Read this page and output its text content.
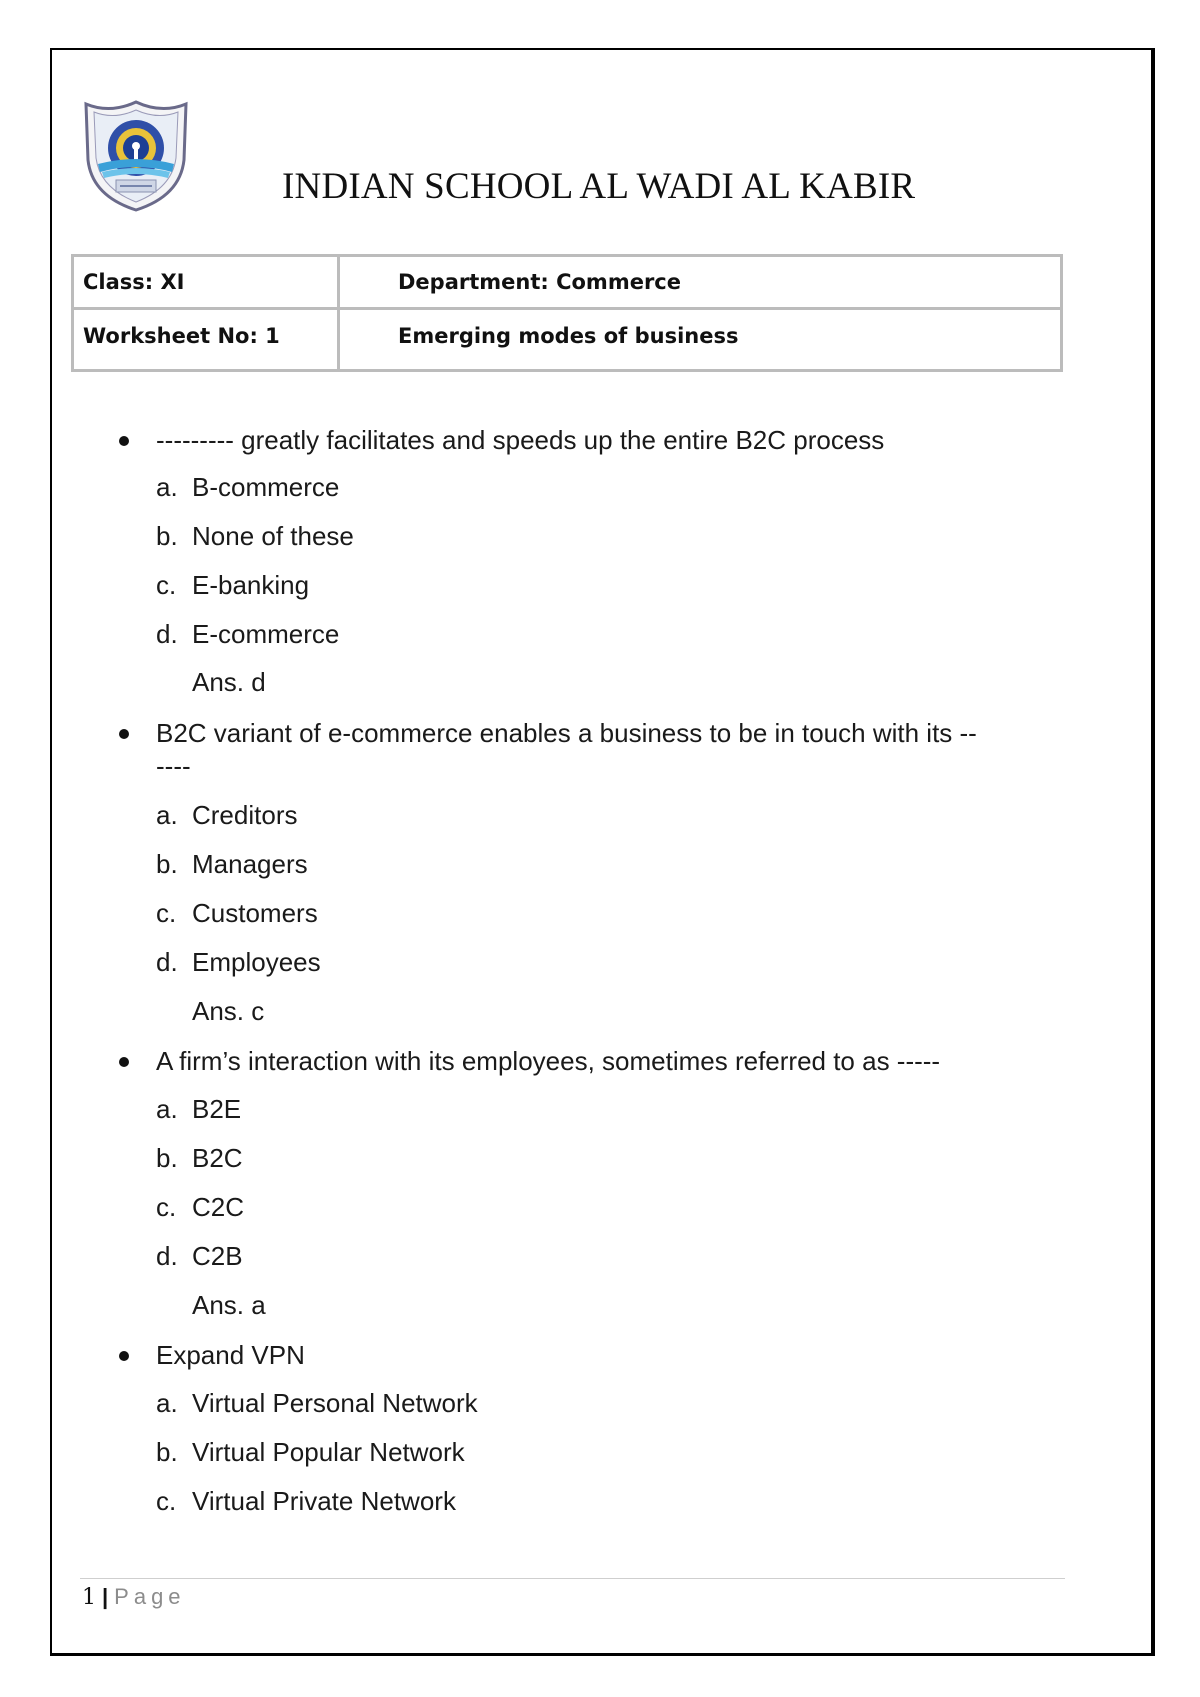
INDIAN SCHOOL AL WADI AL KABIR
Class: XI	Department: Commerce
Worksheet No: 1	Emerging modes of business
--------- greatly facilitates and speeds up the entire B2C process
a. B-commerce
b. None of these
c. E-banking
d. E-commerce
Ans. d
B2C variant of e-commerce enables a business to be in touch with its --
----
a. Creditors
b. Managers
c. Customers
d. Employees
Ans. c
A firm’s interaction with its employees, sometimes referred to as -----
a. B2E
b. B2C
c. C2C
d. C2B
Ans. a
Expand VPN
a. Virtual Personal Network
b. Virtual Popular Network
c. Virtual Private Network
1 | Page
